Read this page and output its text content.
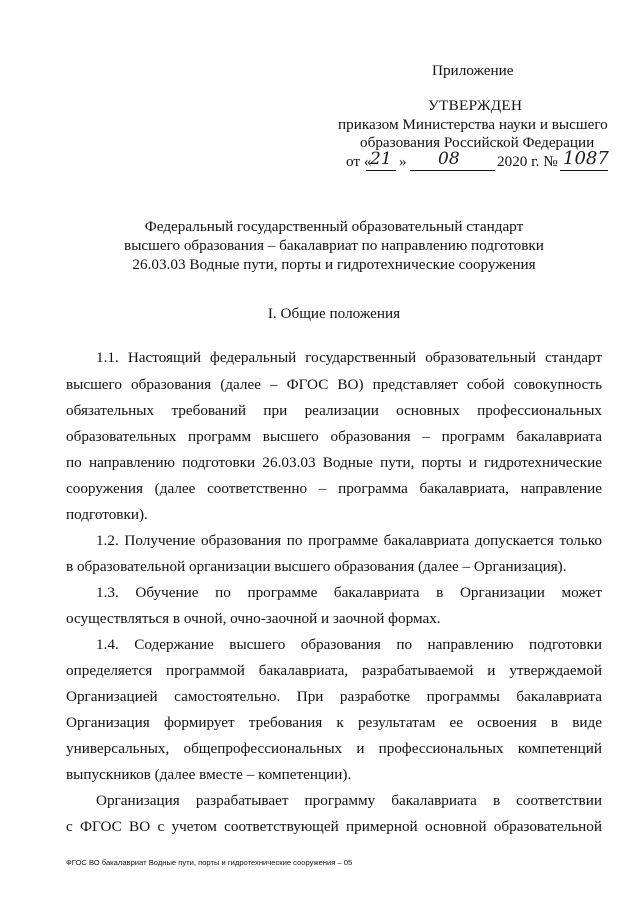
Приложение
УТВЕРЖДЕН
приказом Министерства науки и высшего
образования Российской Федерации
от «
21 » 08 2020 г. № 1087
Федеральный государственный образовательный стандарт
высшего образования – бакалавриат по направлению подготовки
26.03.03 Водные пути, порты и гидротехнические сооружения
I. Общие положения
1.1. Настоящий федеральный государственный образовательный стандарт
высшего образования (далее – ФГОС ВО) представляет собой совокупность
обязательных требований при реализации основных профессиональных
образовательных программ высшего образования – программ бакалавриата
по направлению подготовки 26.03.03 Водные пути, порты и гидротехнические
сооружения (далее соответственно – программа бакалавриата, направление
подготовки).
1.2. Получение образования по программе бакалавриата допускается только
в образовательной организации высшего образования (далее – Организация).
1.3. Обучение по программе бакалавриата в Организации может
осуществляться в очной, очно-заочной и заочной формах.
1.4. Содержание высшего образования по направлению подготовки
определяется программой бакалавриата, разрабатываемой и утверждаемой
Организацией самостоятельно. При разработке программы бакалавриата
Организация формирует требования к результатам ее освоения в виде
универсальных, общепрофессиональных и профессиональных компетенций
выпускников (далее вместе – компетенции).
Организация разрабатывает программу бакалавриата в соответствии
с ФГОС ВО с учетом соответствующей примерной основной образовательной
ФГОС ВО бакалавриат Водные пути, порты и гидротехнические сооружения – 05
